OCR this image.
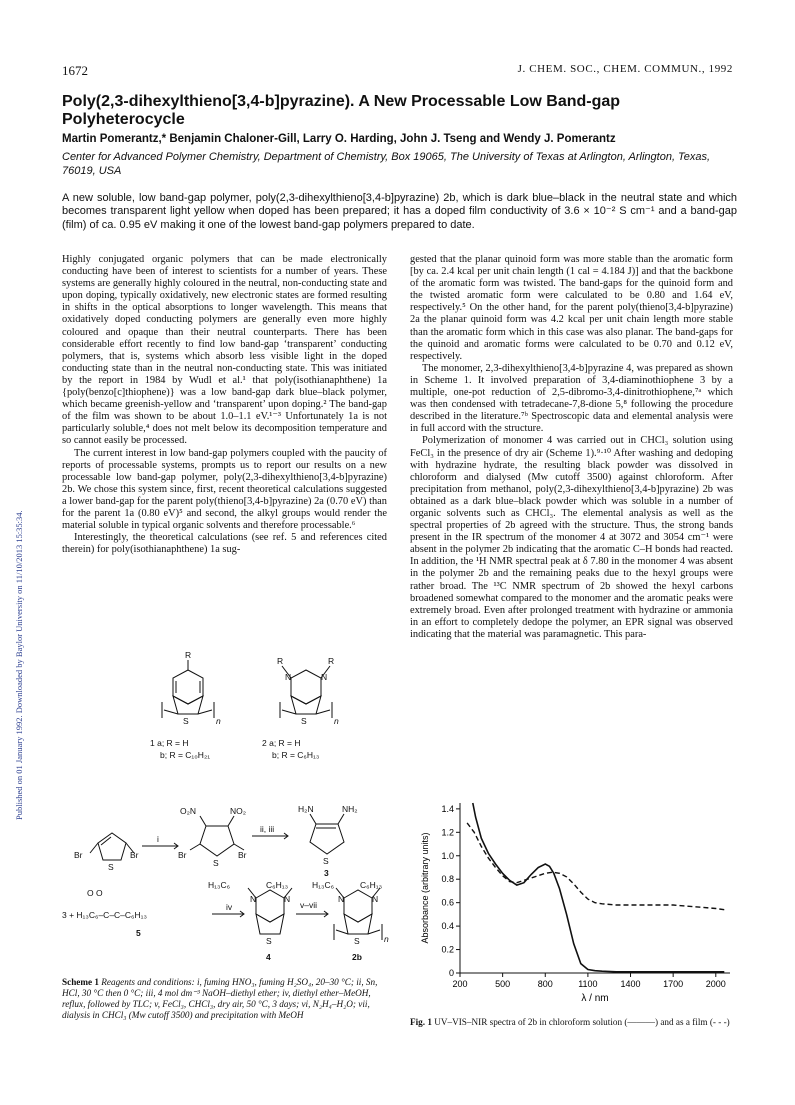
1672	J. CHEM. SOC., CHEM. COMMUN., 1992
Poly(2,3-dihexylthieno[3,4-b]pyrazine). A New Processable Low Band-gap Polyheterocycle
Martin Pomerantz,* Benjamin Chaloner-Gill, Larry O. Harding, John J. Tseng and Wendy J. Pomerantz
Center for Advanced Polymer Chemistry, Department of Chemistry, Box 19065, The University of Texas at Arlington, Arlington, Texas, 76019, USA
A new soluble, low band-gap polymer, poly(2,3-dihexylthieno[3,4-b]pyrazine) 2b, which is dark blue–black in the neutral state and which becomes transparent light yellow when doped has been prepared; it has a doped film conductivity of 3.6 × 10⁻² S cm⁻¹ and a band-gap (film) of ca. 0.95 eV making it one of the lowest band-gap polymers prepared to date.
Published on 01 January 1992. Downloaded by Baylor University on 11/10/2013 15:35:34.

Highly conjugated organic polymers that can be made electronically conducting have been of interest to scientists for a number of years. These systems are generally highly coloured in the neutral, non-conducting state and upon doping, typically oxidatively, new electronic states are formed resulting in shifts in the optical absorptions to longer wavelength. This means that oxidatively doped conducting polymers are generally even more highly coloured and opaque than their neutral counterparts. There has been considerable effort recently to find low band-gap ‘transparent’ conducting polymers, that is, systems which absorb less visible light in the doped conducting state than in the neutral non-conducting state. This was initiated by the report in 1984 by Wudl et al.¹ that poly(isothianaphthene) 1a {poly(benzo[c]thiophene)} was a low band-gap dark blue–black polymer, which became greenish-yellow and ‘transparent’ upon doping.² The band-gap of the film was shown to be about 1.0–1.1 eV.¹⁻³ Unfortunately 1a is not particularly soluble,⁴ does not melt below its decomposition temperature and so cannot easily be processed.

The current interest in low band-gap polymers coupled with the paucity of reports of processable systems, prompts us to report our results on a new processable low band-gap polymer, poly(2,3-dihexylthieno[3,4-b]pyrazine) 2b. We chose this system since, first, recent theoretical calculations suggested a lower band-gap for the parent poly(thieno[3,4-b]pyrazine) 2a (0.70 eV) than for the parent 1a (0.80 eV)⁵ and second, the alkyl groups would render the material soluble in typical organic solvents and therefore processable.⁶

Interestingly, the theoretical calculations (see ref. 5 and references cited therein) for poly(isothianaphthene) 1a sug-

gested that the planar quinoid form was more stable than the aromatic form [by ca. 2.4 kcal per unit chain length (1 cal = 4.184 J)] and that the backbone of the aromatic form was twisted. The band-gaps for the quinoid form and the twisted aromatic form were calculated to be 0.80 and 1.64 eV, respectively.⁵ On the other hand, for the parent poly(thieno[3,4-b]pyrazine) 2a the planar quinoid form was 4.2 kcal per unit chain length more stable than the aromatic form which in this case was also planar. The band-gaps for the quinoid and aromatic forms were calculated to be 0.70 and 0.12 eV, respectively.

The monomer, 2,3-dihexylthieno[3,4-b]pyrazine 4, was prepared as shown in Scheme 1. It involved preparation of 3,4-diaminothiophene 3 by a multiple, one-pot reduction of 2,5-dibromo-3,4-dinitrothiophene,⁷ᵃ which was then condensed with tetradecane-7,8-dione 5,⁸ following the procedure described in the literature.⁷ᵇ Spectroscopic data and elemental analysis were in full accord with the structure.

Polymerization of monomer 4 was carried out in CHCl₃ solution using FeCl₃ in the presence of dry air (Scheme 1).⁹·¹⁰ After washing and dedoping with hydrazine hydrate, the resulting black powder was dissolved in chloroform and dialysed (Mw cutoff 3500) against chloroform. After precipitation from methanol, poly(2,3-dihexylthieno[3,4-b]pyrazine) 2b was obtained as a dark blue–black powder which was soluble in a number of organic solvents such as CHCl₃. The elemental analysis as well as the spectral properties of 2b agreed with the structure. Thus, the strong bands present in the IR spectrum of the monomer 4 at 3072 and 3054 cm⁻¹ were absent in the polymer 2b indicating that the aromatic C–H bonds had reacted. In addition, the ¹H NMR spectral peak at δ 7.80 in the monomer 4 was absent in the polymer 2b and the remaining peaks due to the hexyl groups were rather broad. The ¹³C NMR spectrum of 2b showed the hexyl carbons broadened somewhat compared to the monomer and the aromatic peaks were extremely broad. Even after prolonged treatment with hydrazine or ammonia in an effort to completely dedope the polymer, an EPR signal was observed indicating that the material was paramagnetic. This para-

R
S	n
1 a; R = H
b; R = C₁₀H₂₁
R	R
N	N
S	n
2 a; R = H
b; R = C₆H₁₃
Br	Br
S
i
O₂N	NO₂
Br	Br
S
ii, iii
H₂N	NH₂
S
3
H₁₃C₆	C₆H₁₃
N	N
S
4
O O
3 + H₁₃C₆–C–C–C₆H₁₃
5
iv	v–vii
H₁₃C₆	C₆H₁₃
N	N
S	n
2b
Scheme 1 Reagents and conditions: i, fuming HNO₃, fuming H₂SO₄, 20–30 °C; ii, Sn, HCl, 30 °C then 0 °C; iii, 4 mol dm⁻³ NaOH–diethyl ether; iv, diethyl ether–MeOH, reflux, followed by TLC; v, FeCl₃, CHCl₃, dry air, 50 °C, 3 days; vi, N₂H₄–H₂O; vii, dialysis in CHCl₃ (Mw cutoff 3500) and precipitation with MeOH
200	500	800	1100	1400	1700	2000
0
0.2
0.4
0.6
0.8
1.0
1.2
1.4
λ / nm
Absorbance (arbitrary units)
Fig. 1 UV–VIS–NIR spectra of 2b in chloroform solution (———) and as a film (- - -)
